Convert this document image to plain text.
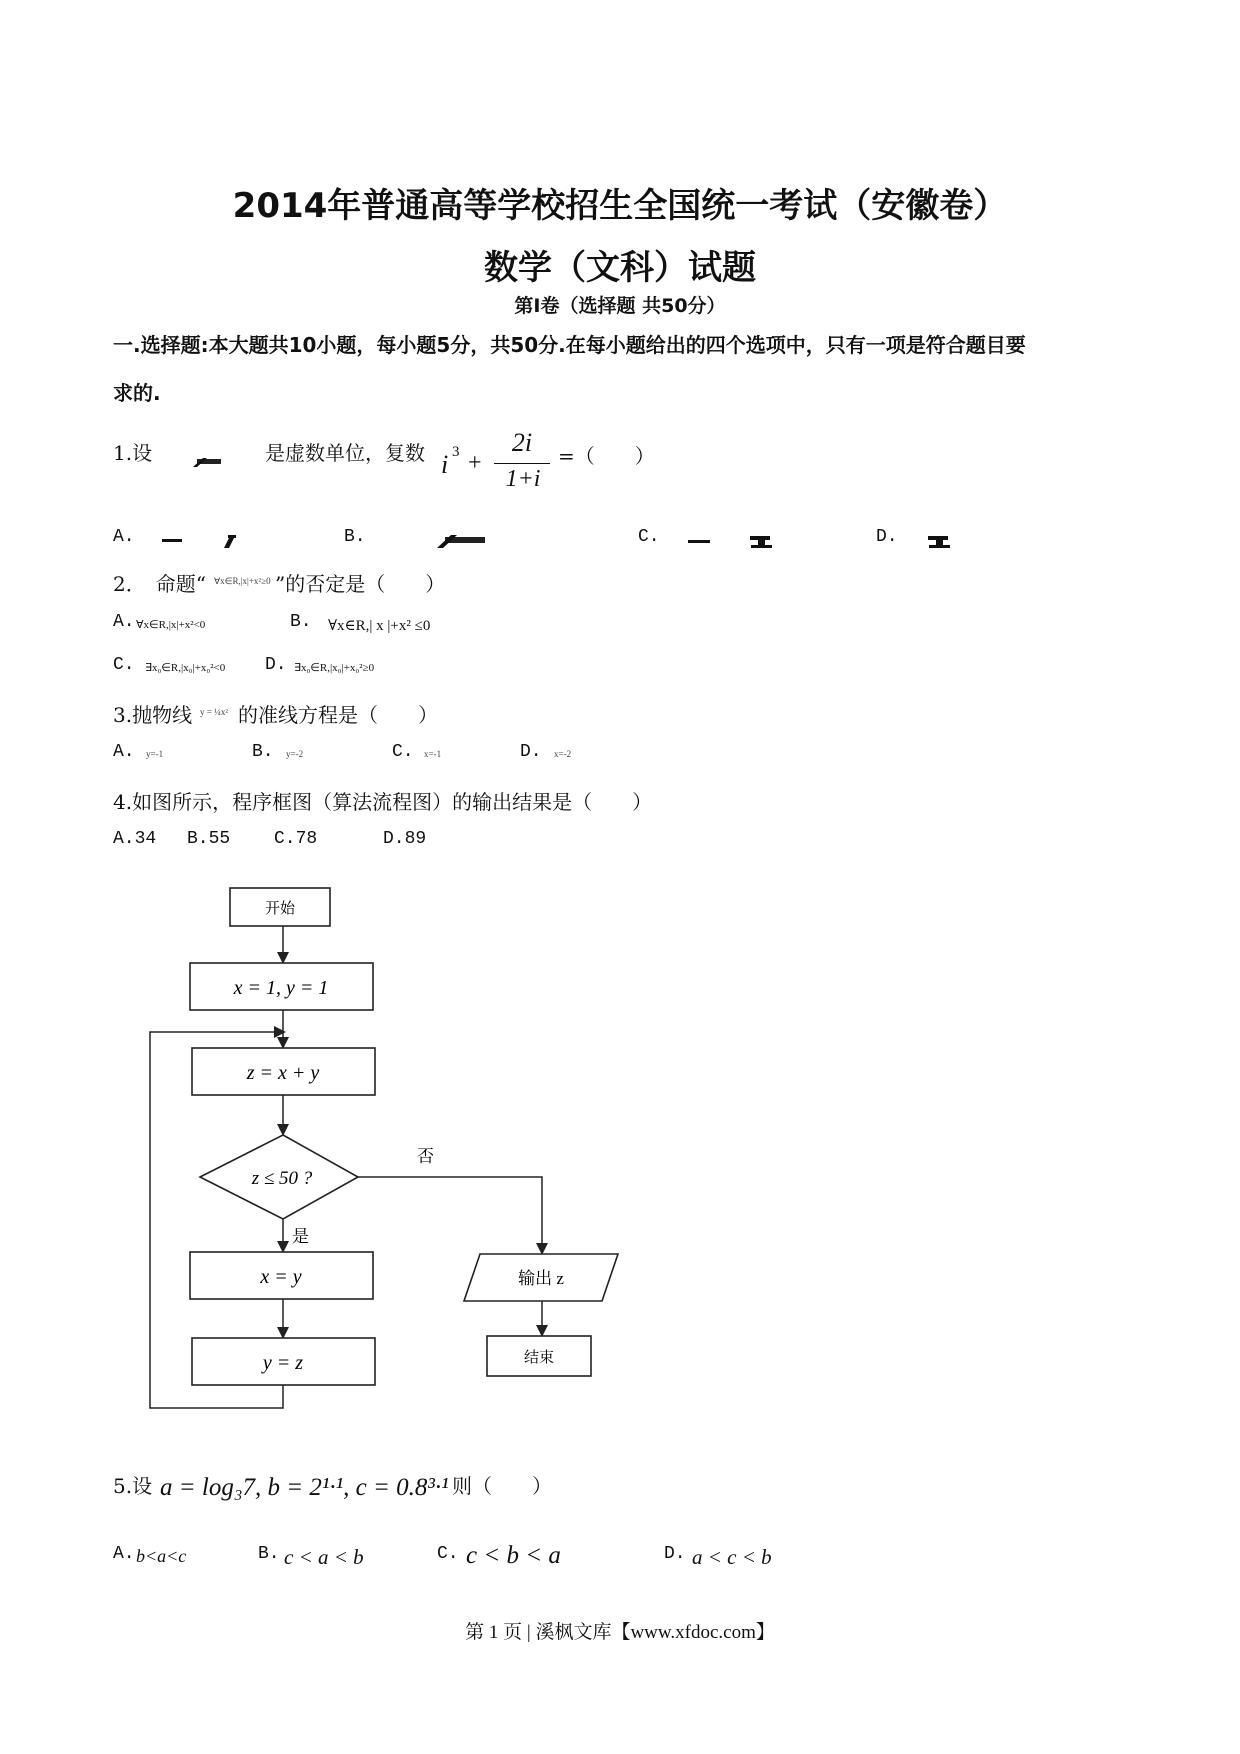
2014年普通高等学校招生全国统一考试（安徽卷）
数学（文科）试题
第Ⅰ卷（选择题 共50分）
一.选择题:本大题共10小题，每小题5分，共50分.在每小题给出的四个选项中，只有一项是符合题目要
求的.
1.设	是虚数单位，复数 i 3 +
2i
1+i
=（　　）
A.	B.	C.	D.
2．　命题“ ∀x∈R,|x|+x²≥0 ”的否定是（　　）
A. ∀x∈R,|x|+x²<0	B. ∀x∈R,| x |+x² ≤0
C. ∃x₀∈R,|x₀|+x₀²<0 D. ∃x₀∈R,|x₀|+x₀²≥0
3.抛物线 y = ¼x² 的准线方程是（　　）
A. y=-1	B. y=-2	C. x=-1	D. x=-2
4.如图所示，程序框图（算法流程图）的输出结果是（　　）
A.34 B.55 C.78	D.89
开始
x = 1, y = 1
z = x + y
z ≤ 50 ?
否
是
x = y
y = z
输出 z
结束
5.设 a = log₃7, b = 2¹·¹, c = 0.8³·¹ 则（　　）
A. b<a<c	B. c < a < b	C. c < b < a	D. a < c < b
第 1 页 | 溪枫文库【www.xfdoc.com】
